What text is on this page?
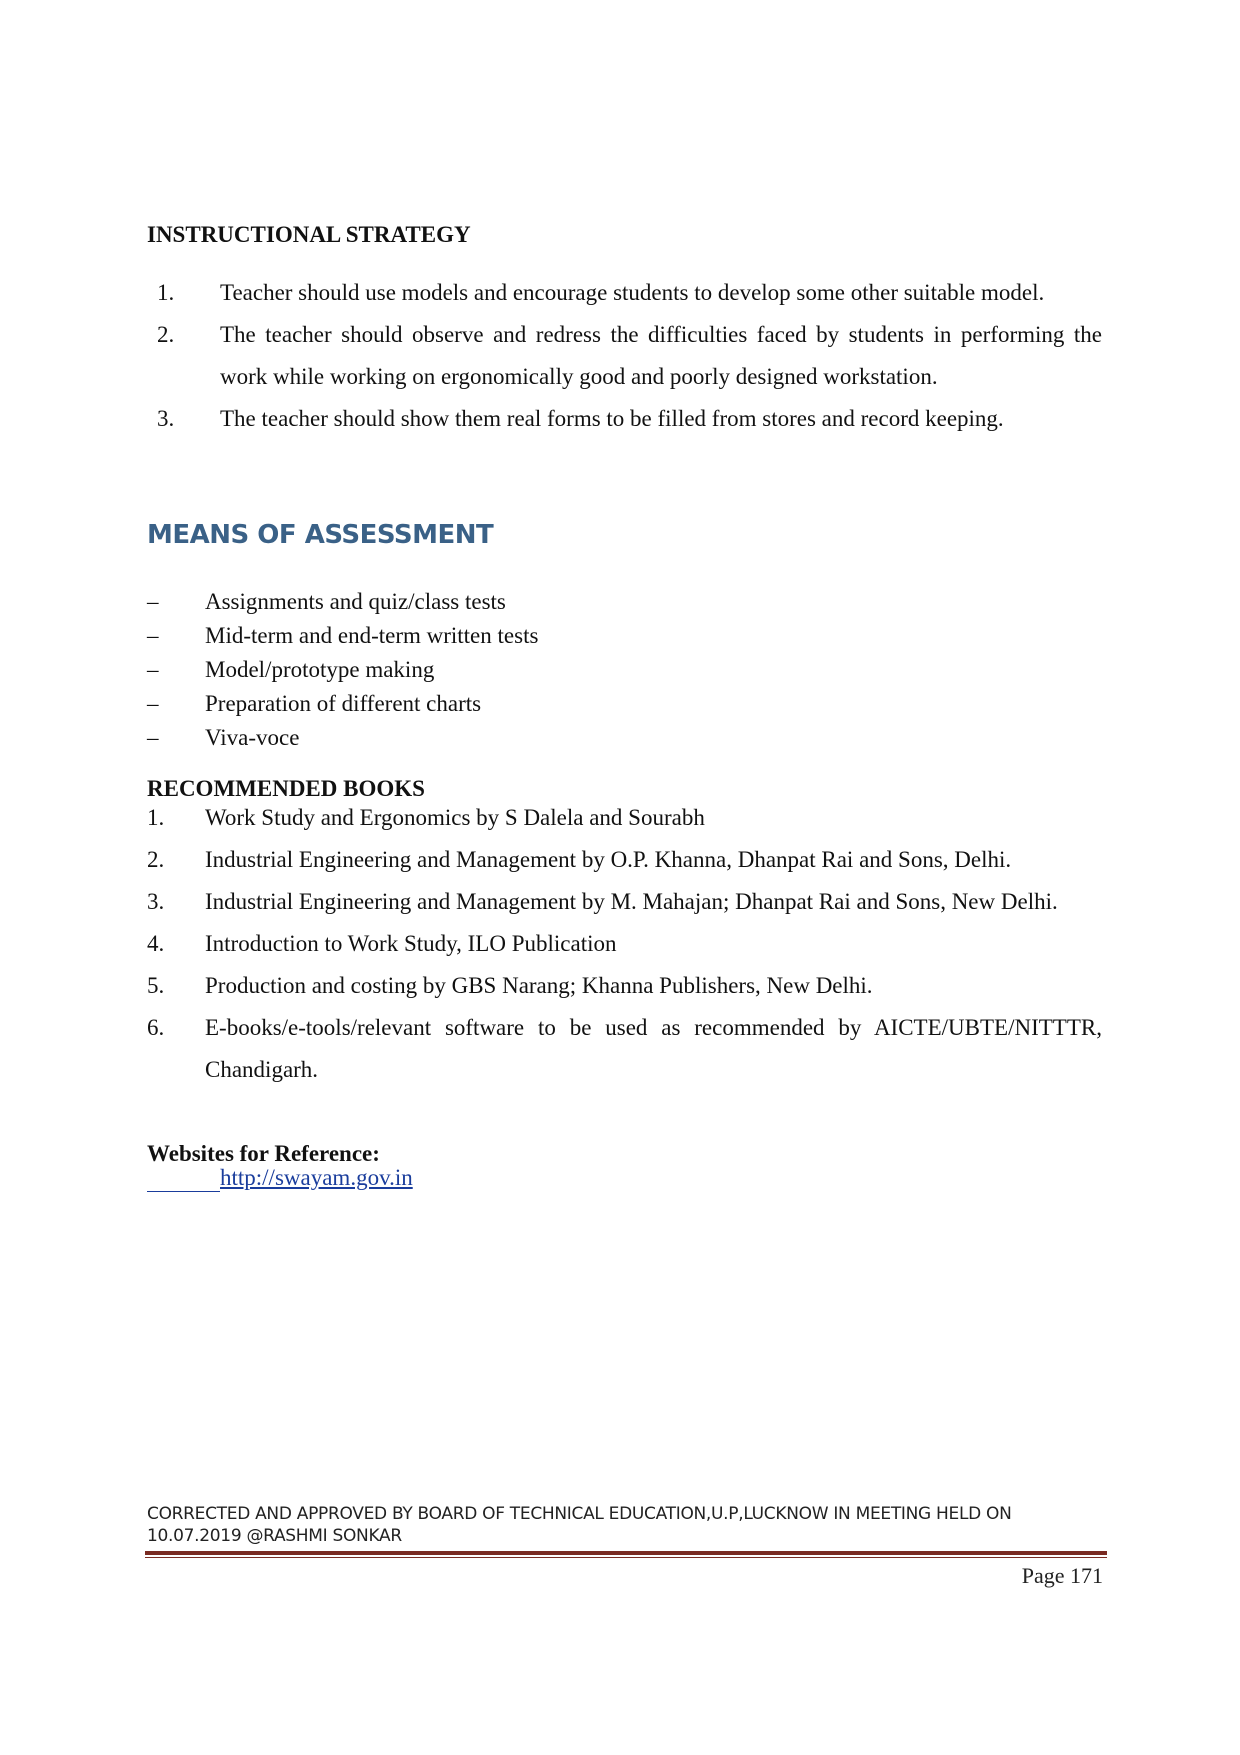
INSTRUCTIONAL STRATEGY
1. Teacher should use models and encourage students to develop some other suitable model.
2. The teacher should observe and redress the difficulties faced by students in performing the work while working on ergonomically good and poorly designed workstation.
3. The teacher should show them real forms to be filled from stores and record keeping.
MEANS OF ASSESSMENT
– Assignments and quiz/class tests
– Mid-term and end-term written tests
– Model/prototype making
– Preparation of different charts
– Viva-voce
RECOMMENDED BOOKS
1. Work Study and Ergonomics by S Dalela and Sourabh
2. Industrial Engineering and Management by O.P. Khanna, Dhanpat Rai and Sons, Delhi.
3. Industrial Engineering and Management by M. Mahajan; Dhanpat Rai and Sons, New Delhi.
4. Introduction to Work Study, ILO Publication
5. Production and costing by GBS Narang; Khanna Publishers, New Delhi.
6. E-books/e-tools/relevant software to be used as recommended by AICTE/UBTE/NITTTR, Chandigarh.
Websites for Reference:
http://swayam.gov.in
CORRECTED AND APPROVED BY BOARD OF TECHNICAL EDUCATION,U.P,LUCKNOW IN MEETING HELD ON 10.07.2019 @RASHMI SONKAR
Page 171
